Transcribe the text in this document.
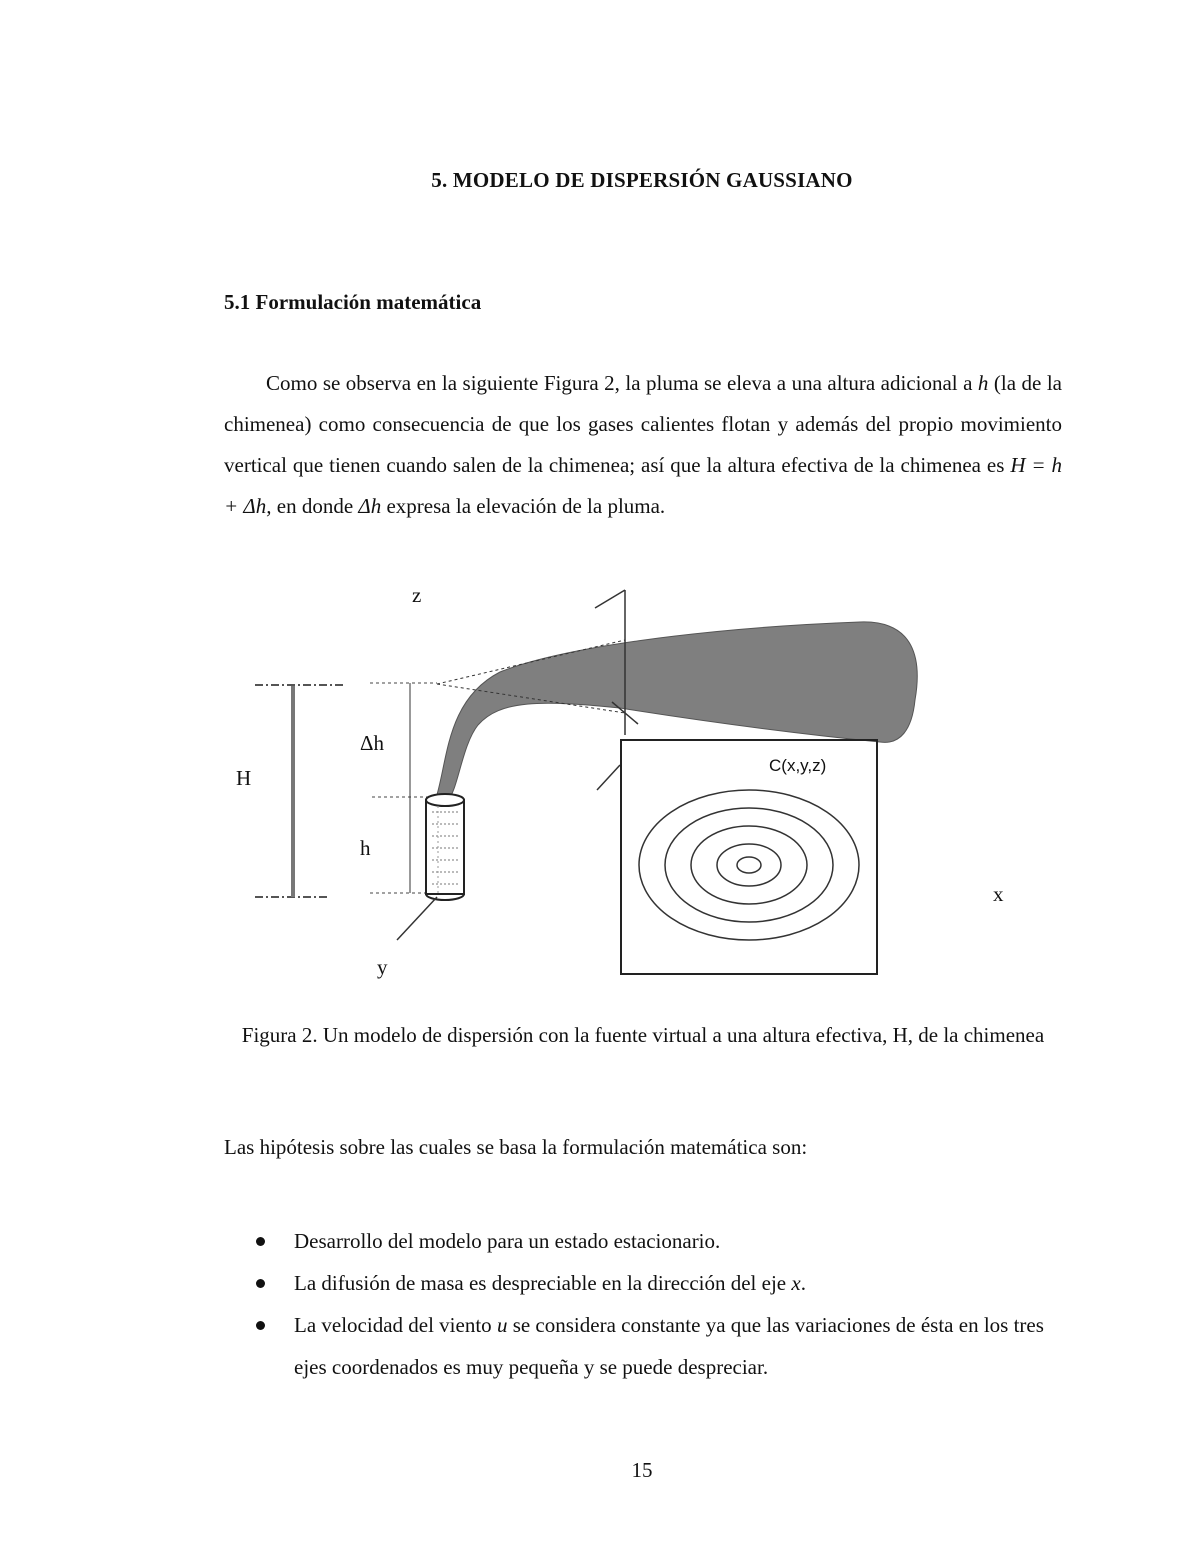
5. MODELO DE DISPERSIÓN GAUSSIANO
5.1 Formulación matemática

Como se observa en la siguiente Figura 2, la pluma se eleva a una altura adicional a h (la de la chimenea) como consecuencia de que los gases calientes flotan y además del propio movimiento vertical que tienen cuando salen de la chimenea; así que la altura efectiva de la chimenea es H = h + Δh, en donde Δh expresa la elevación de la pluma.

z
H
Δh
h
y
x
C(x,y,z)
Figura 2. Un modelo de dispersión con la fuente virtual a una altura efectiva, H, de la chimenea
Las hipótesis sobre las cuales se basa la formulación matemática son:
Desarrollo del modelo para un estado estacionario.
La difusión de masa es despreciable en la dirección del eje x.
La velocidad del viento u se considera constante ya que las variaciones de ésta en los tres ejes coordenados es muy pequeña y se puede despreciar.
15
